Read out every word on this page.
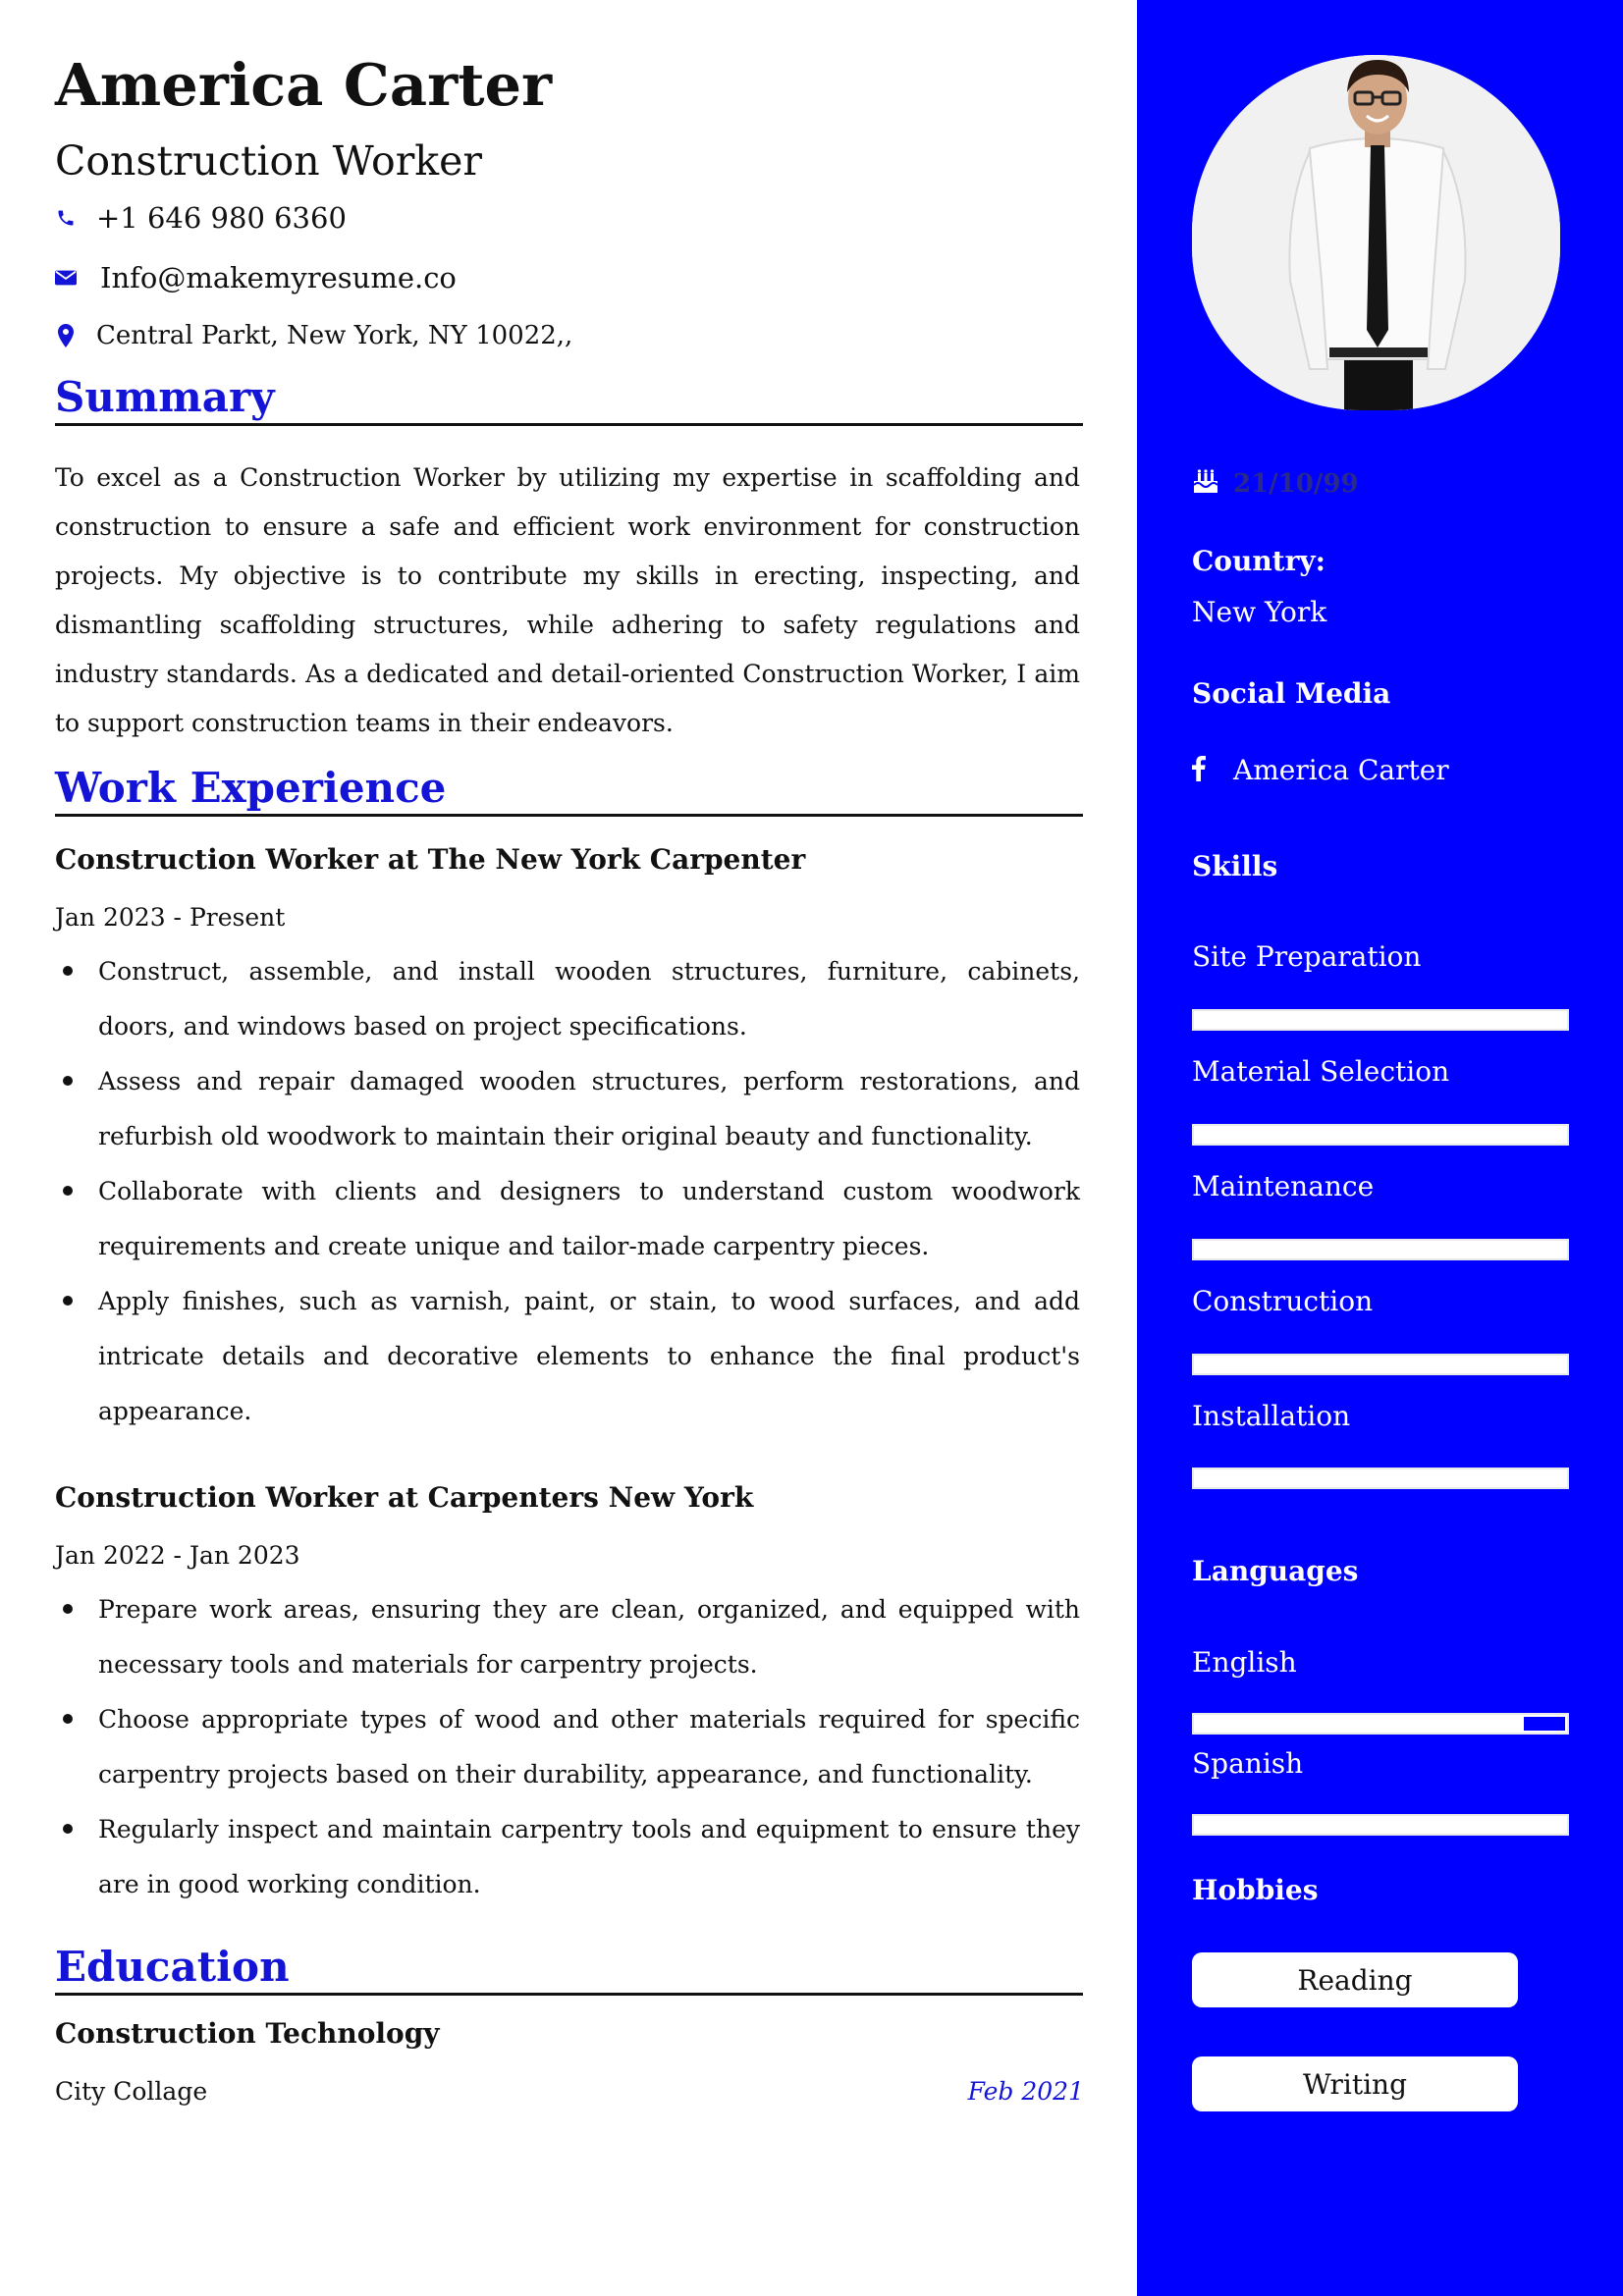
America Carter
Construction Worker
+1 646 980 6360
Info@makemyresume.co
Central Parkt, New York, NY 10022,,
Summary
To excel as a Construction Worker by utilizing my expertise in scaffolding and construction to ensure a safe and efficient work environment for construction projects. My objective is to contribute my skills in erecting, inspecting, and dismantling scaffolding structures, while adhering to safety regulations and industry standards. As a dedicated and detail-oriented Construction Worker, I aim to support construction teams in their endeavors.
Work Experience
Construction Worker at The New York Carpenter
Jan 2023 - Present
Construct, assemble, and install wooden structures, furniture, cabinets, doors, and windows based on project specifications.
Assess and repair damaged wooden structures, perform restorations, and refurbish old woodwork to maintain their original beauty and functionality.
Collaborate with clients and designers to understand custom woodwork requirements and create unique and tailor-made carpentry pieces.
Apply finishes, such as varnish, paint, or stain, to wood surfaces, and add intricate details and decorative elements to enhance the final product's appearance.
Construction Worker at Carpenters New York
Jan 2022 - Jan 2023
Prepare work areas, ensuring they are clean, organized, and equipped with necessary tools and materials for carpentry projects.
Choose appropriate types of wood and other materials required for specific carpentry projects based on their durability, appearance, and functionality.
Regularly inspect and maintain carpentry tools and equipment to ensure they are in good working condition.
Education
Construction Technology
City Collage	Feb 2021
21/10/99
Country:
New York
Social Media
America Carter
Skills
Site Preparation
Material Selection
Maintenance
Construction
Installation
Languages
English
Spanish
Hobbies
Reading
Writing
